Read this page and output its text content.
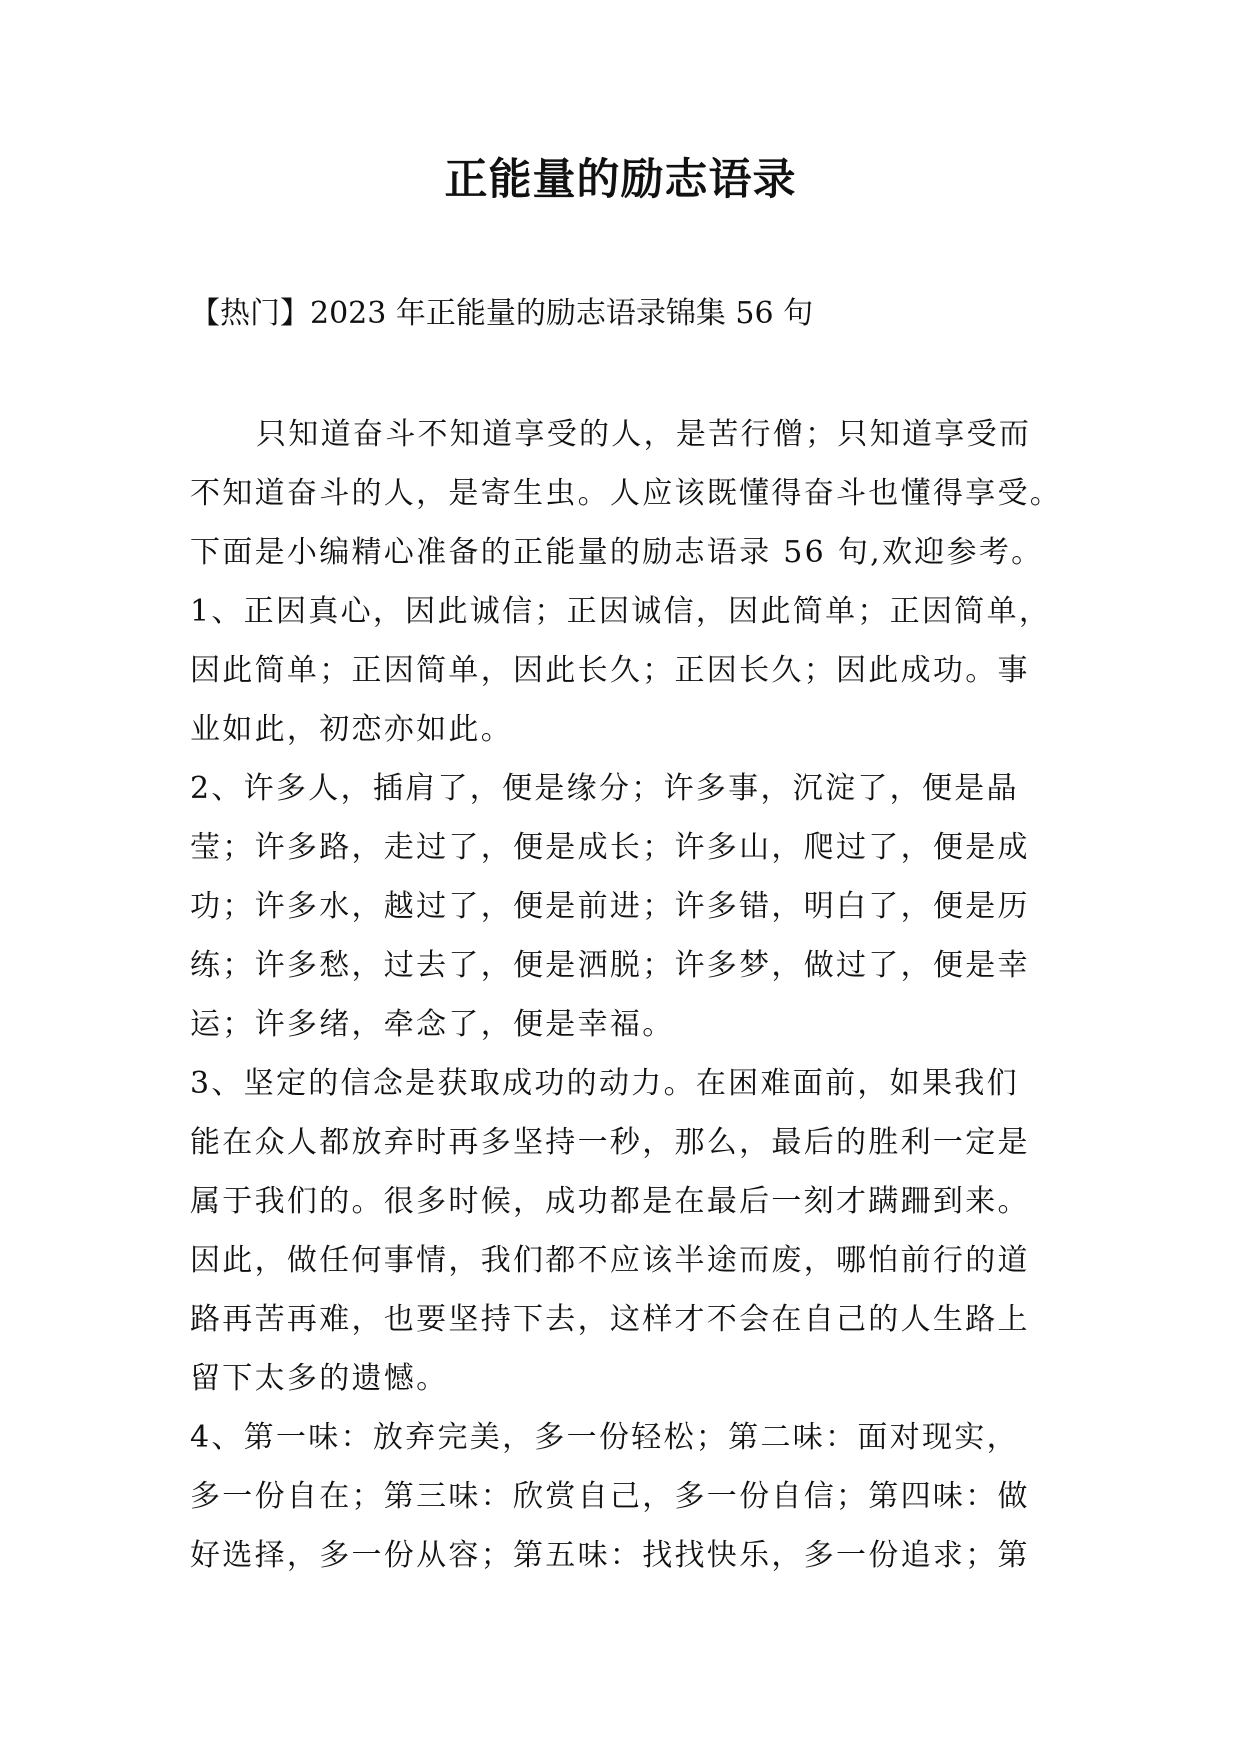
正能量的励志语录
【热门】2023 年正能量的励志语录锦集 56 句
只知道奋斗不知道享受的人，是苦行僧；只知道享受而
不知道奋斗的人，是寄生虫。人应该既懂得奋斗也懂得享受。
下面是小编精心准备的正能量的励志语录 56 句,欢迎参考。
1、正因真心，因此诚信；正因诚信，因此简单；正因简单，
因此简单；正因简单，因此长久；正因长久；因此成功。事
业如此，初恋亦如此。
2、许多人，插肩了，便是缘分；许多事，沉淀了，便是晶
莹；许多路，走过了，便是成长；许多山，爬过了，便是成
功；许多水，越过了，便是前进；许多错，明白了，便是历
练；许多愁，过去了，便是洒脱；许多梦，做过了，便是幸
运；许多绪，牵念了，便是幸福。
3、坚定的信念是获取成功的动力。在困难面前，如果我们
能在众人都放弃时再多坚持一秒，那么，最后的胜利一定是
属于我们的。很多时候，成功都是在最后一刻才蹒跚到来。
因此，做任何事情，我们都不应该半途而废，哪怕前行的道
路再苦再难，也要坚持下去，这样才不会在自己的人生路上
留下太多的遗憾。
4、第一味：放弃完美，多一份轻松；第二味：面对现实，
多一份自在；第三味：欣赏自己，多一份自信；第四味：做
好选择，多一份从容；第五味：找找快乐，多一份追求；第
